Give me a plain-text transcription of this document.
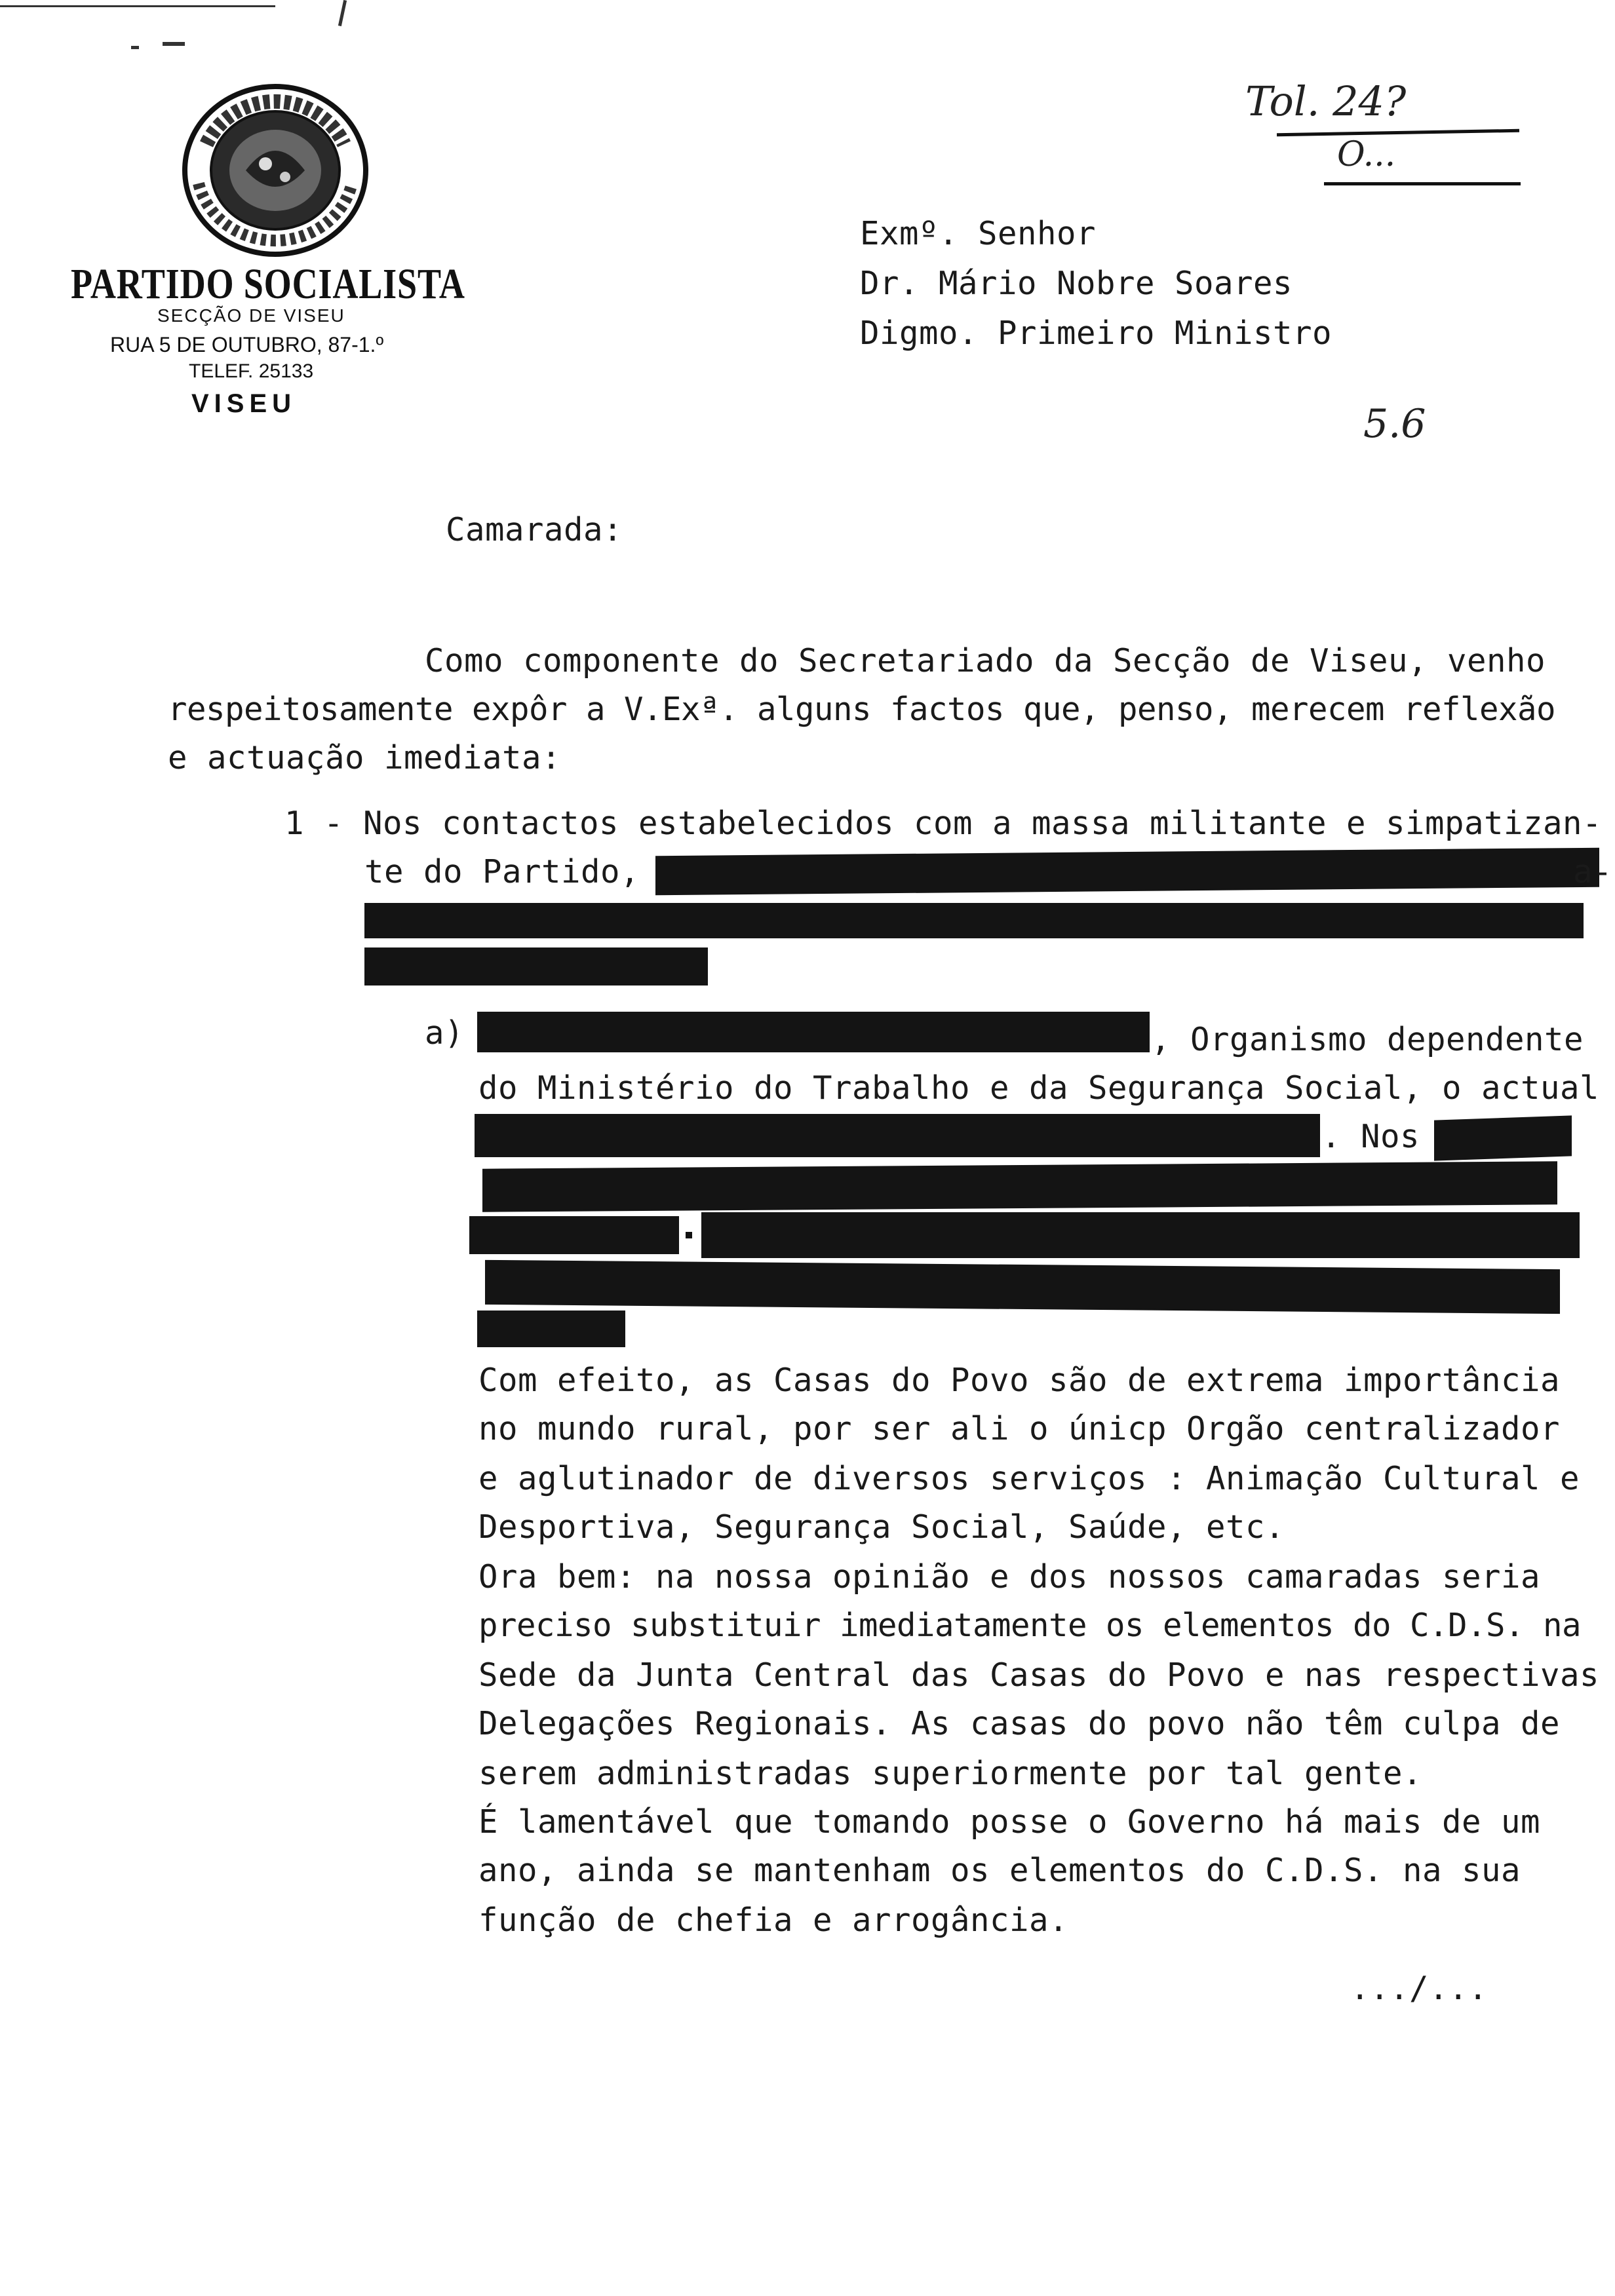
PARTIDO SOCIALISTA
SECÇÃO DE VISEU
RUA 5 DE OUTUBRO, 87-1.º
TELEF. 25133
VISEU
Tol. 24?
O...
5.6
Exmº. Senhor
Dr. Mário Nobre Soares
Digmo. Primeiro Ministro
Camarada:
Como componente do Secretariado da Secção de Viseu, venho
respeitosamente expôr a V.Exª. alguns factos que, penso, merecem reflexão
e actuação imediata:
1 - Nos contactos estabelecidos com a massa militante e simpatizan-
te do Partido,	a-
a)	, Organismo dependente
do Ministério do Trabalho e da Segurança Social, o actual
. Nos
Com efeito, as Casas do Povo são de extrema importância
no mundo rural, por ser ali o únicp Orgão centralizador
e aglutinador de diversos serviços : Animação Cultural e
Desportiva, Segurança Social, Saúde, etc.
Ora bem: na nossa opinião e dos nossos camaradas seria
preciso substituir imediatamente os elementos do C.D.S. na
Sede da Junta Central das Casas do Povo e nas respectivas
Delegações Regionais. As casas do povo não têm culpa de
serem administradas superiormente por tal gente.
É lamentável que tomando posse o Governo há mais de um
ano, ainda se mantenham os elementos do C.D.S. na sua
função de chefia e arrogância.
.../...
